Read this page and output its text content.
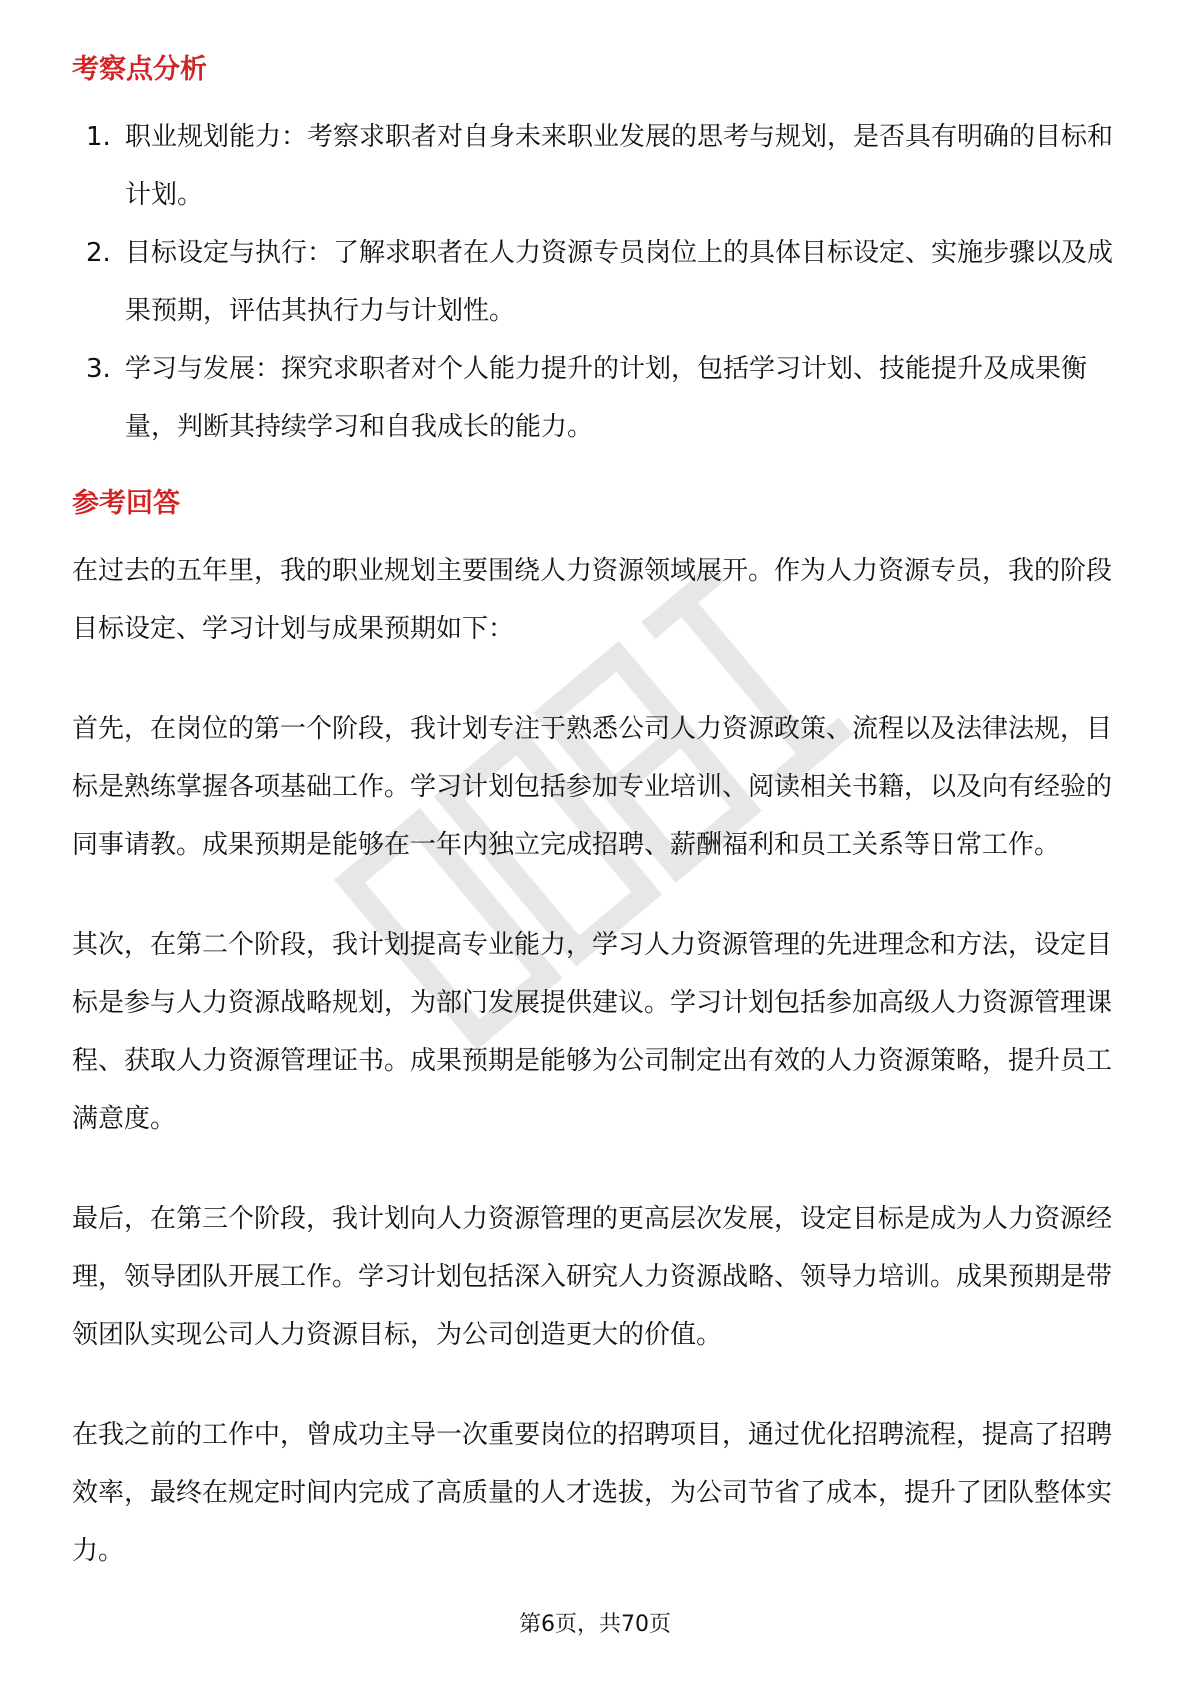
考察点分析
1. 职业规划能力：考察求职者对自身未来职业发展的思考与规划，是否具有明确的目标和计划。
2. 目标设定与执行：了解求职者在人力资源专员岗位上的具体目标设定、实施步骤以及成果预期，评估其执行力与计划性。
3. 学习与发展：探究求职者对个人能力提升的计划，包括学习计划、技能提升及成果衡量，判断其持续学习和自我成长的能力。
参考回答

在过去的五年里，我的职业规划主要围绕人力资源领域展开。作为人力资源专员，我的阶段目标设定、学习计划与成果预期如下：

首先，在岗位的第一个阶段，我计划专注于熟悉公司人力资源政策、流程以及法律法规，目标是熟练掌握各项基础工作。学习计划包括参加专业培训、阅读相关书籍，以及向有经验的同事请教。成果预期是能够在一年内独立完成招聘、薪酬福利和员工关系等日常工作。

其次，在第二个阶段，我计划提高专业能力，学习人力资源管理的先进理念和方法，设定目标是参与人力资源战略规划，为部门发展提供建议。学习计划包括参加高级人力资源管理课程、获取人力资源管理证书。成果预期是能够为公司制定出有效的人力资源策略，提升员工满意度。

最后，在第三个阶段，我计划向人力资源管理的更高层次发展，设定目标是成为人力资源经理，领导团队开展工作。学习计划包括深入研究人力资源战略、领导力培训。成果预期是带领团队实现公司人力资源目标，为公司创造更大的价值。

在我之前的工作中，曾成功主导一次重要岗位的招聘项目，通过优化招聘流程，提高了招聘效率，最终在规定时间内完成了高质量的人才选拔，为公司节省了成本，提升了团队整体实力。

第6页，共70页
